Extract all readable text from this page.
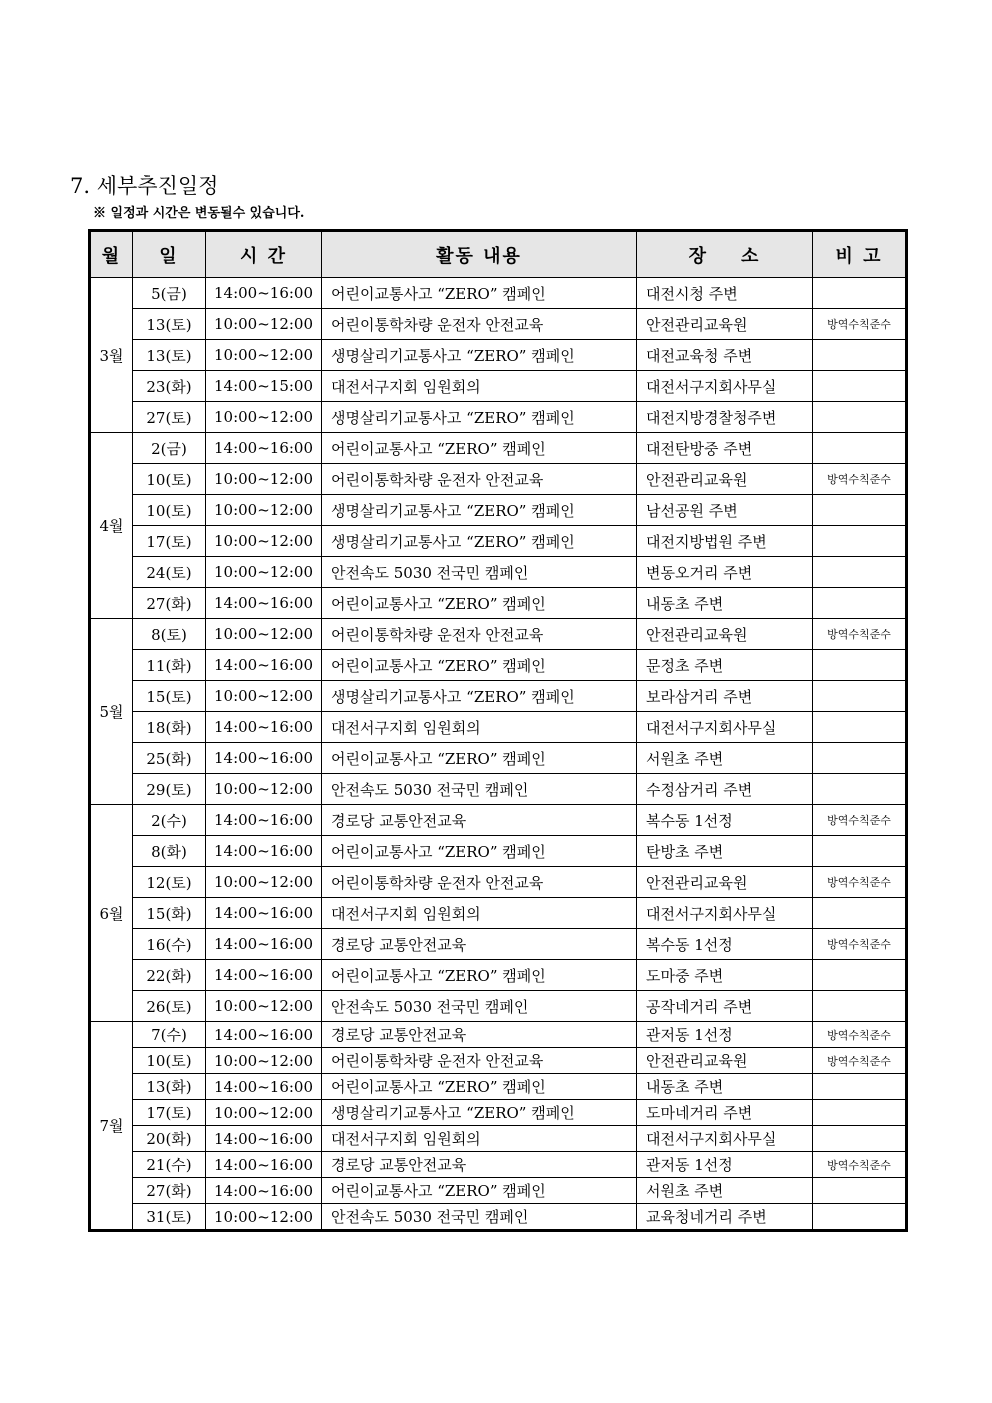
7. 세부추진일정
※ 일정과 시간은 변동될수 있습니다.
월	일	시 간	활동 내용	장    소	비 고
3월	5(금)	14:00~16:00	어린이교통사고 “ZERO” 캠페인	대전시청 주변	
	13(토)	10:00~12:00	어린이통학차량 운전자 안전교육	안전관리교육원	방역수칙준수
	13(토)	10:00~12:00	생명살리기교통사고 “ZERO” 캠페인	대전교육청 주변	
	23(화)	14:00~15:00	대전서구지회 임원회의	대전서구지회사무실	
	27(토)	10:00~12:00	생명살리기교통사고 “ZERO” 캠페인	대전지방경찰청주변	
4월	2(금)	14:00~16:00	어린이교통사고 “ZERO” 캠페인	대전탄방중 주변	
	10(토)	10:00~12:00	어린이통학차량 운전자 안전교육	안전관리교육원	방역수칙준수
	10(토)	10:00~12:00	생명살리기교통사고 “ZERO” 캠페인	남선공원 주변	
	17(토)	10:00~12:00	생명살리기교통사고 “ZERO” 캠페인	대전지방법원 주변	
	24(토)	10:00~12:00	안전속도 5030 전국민 캠페인	변동오거리 주변	
	27(화)	14:00~16:00	어린이교통사고 “ZERO” 캠페인	내동초 주변	
5월	8(토)	10:00~12:00	어린이통학차량 운전자 안전교육	안전관리교육원	방역수칙준수
	11(화)	14:00~16:00	어린이교통사고 “ZERO” 캠페인	문정초 주변	
	15(토)	10:00~12:00	생명살리기교통사고 “ZERO” 캠페인	보라삼거리 주변	
	18(화)	14:00~16:00	대전서구지회 임원회의	대전서구지회사무실	
	25(화)	14:00~16:00	어린이교통사고 “ZERO” 캠페인	서원초 주변	
	29(토)	10:00~12:00	안전속도 5030 전국민 캠페인	수정삼거리 주변	
6월	2(수)	14:00~16:00	경로당 교통안전교육	복수동 1선정	방역수칙준수
	8(화)	14:00~16:00	어린이교통사고 “ZERO” 캠페인	탄방초 주변	
	12(토)	10:00~12:00	어린이통학차량 운전자 안전교육	안전관리교육원	방역수칙준수
	15(화)	14:00~16:00	대전서구지회 임원회의	대전서구지회사무실	
	16(수)	14:00~16:00	경로당 교통안전교육	복수동 1선정	방역수칙준수
	22(화)	14:00~16:00	어린이교통사고 “ZERO” 캠페인	도마중 주변	
	26(토)	10:00~12:00	안전속도 5030 전국민 캠페인	공작네거리 주변	
7월	7(수)	14:00~16:00	경로당 교통안전교육	관저동 1선정	방역수칙준수
	10(토)	10:00~12:00	어린이통학차량 운전자 안전교육	안전관리교육원	방역수칙준수
	13(화)	14:00~16:00	어린이교통사고 “ZERO” 캠페인	내동초 주변	
	17(토)	10:00~12:00	생명살리기교통사고 “ZERO” 캠페인	도마네거리 주변	
	20(화)	14:00~16:00	대전서구지회 임원회의	대전서구지회사무실	
	21(수)	14:00~16:00	경로당 교통안전교육	관저동 1선정	방역수칙준수
	27(화)	14:00~16:00	어린이교통사고 “ZERO” 캠페인	서원초 주변	
	31(토)	10:00~12:00	안전속도 5030 전국민 캠페인	교육청네거리 주변	
